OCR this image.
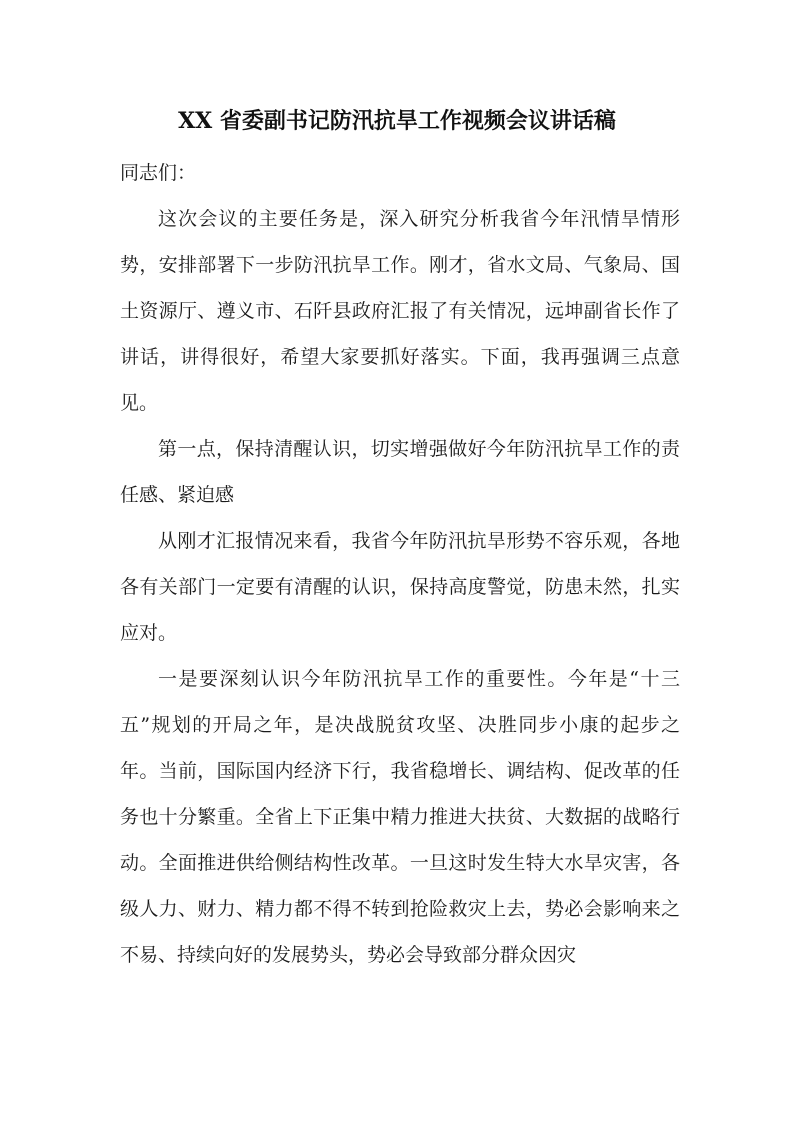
XX 省委副书记防汛抗旱工作视频会议讲话稿

同志们：

这次会议的主要任务是，深入研究分析我省今年汛情旱情形势，安排部署下一步防汛抗旱工作。刚才，省水文局、气象局、国土资源厅、遵义市、石阡县政府汇报了有关情况，远坤副省长作了讲话，讲得很好，希望大家要抓好落实。下面，我再强调三点意见。

第一点，保持清醒认识，切实增强做好今年防汛抗旱工作的责任感、紧迫感

从刚才汇报情况来看，我省今年防汛抗旱形势不容乐观，各地各有关部门一定要有清醒的认识，保持高度警觉，防患未然，扎实应对。

一是要深刻认识今年防汛抗旱工作的重要性。今年是“十三五”规划的开局之年，是决战脱贫攻坚、决胜同步小康的起步之年。当前，国际国内经济下行，我省稳增长、调结构、促改革的任务也十分繁重。全省上下正集中精力推进大扶贫、大数据的战略行动。全面推进供给侧结构性改革。一旦这时发生特大水旱灾害，各级人力、财力、精力都不得不转到抢险救灾上去，势必会影响来之不易、持续向好的发展势头，势必会导致部分群众因灾
